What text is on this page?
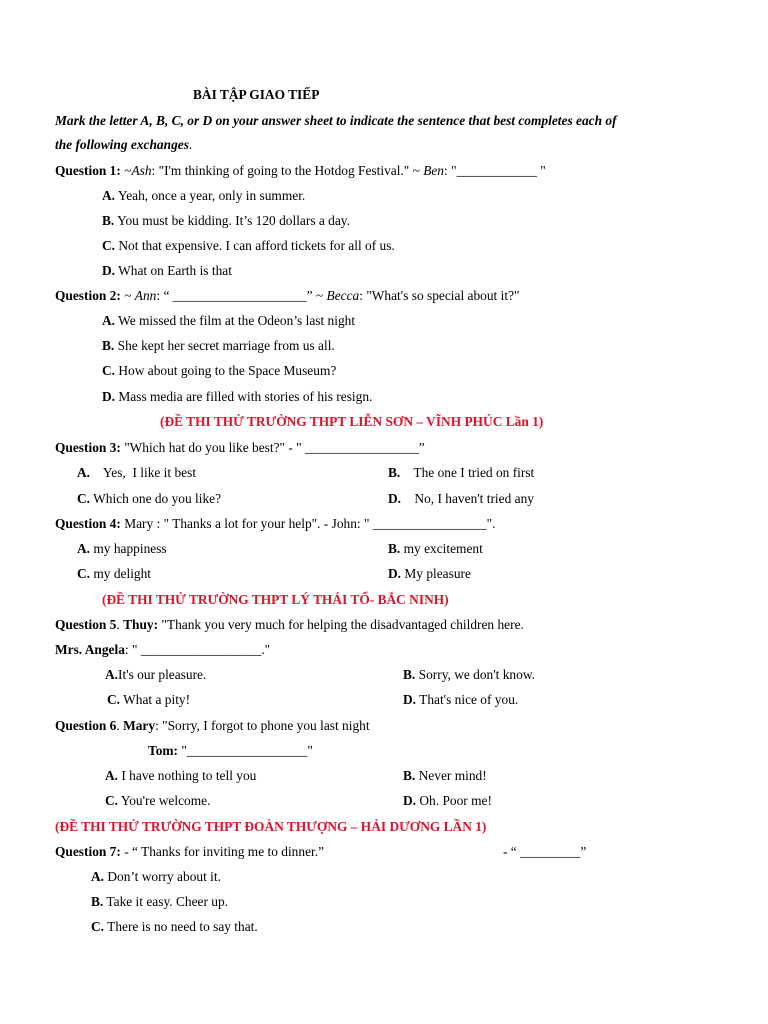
BÀI TẬP GIAO TIẾP
Mark the letter A, B, C, or D on your answer sheet to indicate the sentence that best completes each of
the following exchanges.
Question 1: ~Ash: "I'm thinking of going to the Hotdog Festival." ~ Ben: "____________ "
A. Yeah, once a year, only in summer.
B. You must be kidding. It’s 120 dollars a day.
C. Not that expensive. I can afford tickets for all of us.
D. What on Earth is that
Question 2: ~ Ann: “ ____________________” ~ Becca: "What's so special about it?"
A. We missed the film at the Odeon’s last night
B. She kept her secret marriage from us all.
C. How about going to the Space Museum?
D. Mass media are filled with stories of his resign.
(ĐỀ THI THỬ TRƯỜNG THPT LIỄN SƠN – VĨNH PHÚC Lần 1)
Question 3: "Which hat do you like best?" - " _________________”
A.    Yes,  I like it best	B.    The one I tried on first
C. Which one do you like?	D.    No, I haven't tried any
Question 4: Mary : " Thanks a lot for your help". - John: " _________________".
A. my happiness	B. my excitement
C. my delight	D. My pleasure
(ĐỀ THI THỬ TRƯỜNG THPT LÝ THÁI TỔ- BẮC NINH)
Question 5. Thuy: "Thank you very much for helping the disadvantaged children here.
Mrs. Angela: " __________________."
A.It's our pleasure.	B. Sorry, we don't know.
C. What a pity!	D. That's nice of you.
Question 6. Mary: "Sorry, I forgot to phone you last night
Tom: "__________________"
A. I have nothing to tell you	B. Never mind!
C. You're welcome.	D. Oh. Poor me!
(ĐỀ THI THỬ TRƯỜNG THPT ĐOÀN THƯỢNG – HẢI DƯƠNG LẦN 1)
Question 7: - “ Thanks for inviting me to dinner.”	- “ _________”
A. Don’t worry about it.
B. Take it easy. Cheer up.
C. There is no need to say that.
